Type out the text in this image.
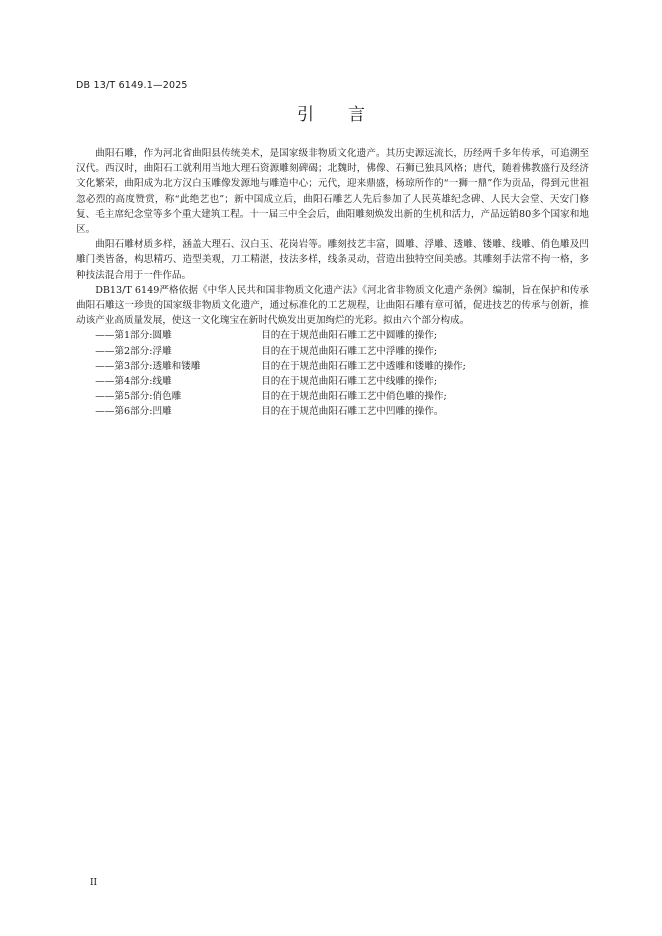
DB 13/T 6149.1—2025
引言

曲阳石雕，作为河北省曲阳县传统美术，是国家级非物质文化遗产。其历史源远流长，历经两千多年传承，可追溯至汉代。西汉时，曲阳石工就利用当地大理石资源雕刻碑碣；北魏时，佛像、石狮已独具风格；唐代，随着佛教盛行及经济文化繁荣，曲阳成为北方汉白玉雕像发源地与雕造中心；元代，迎来鼎盛，杨琼所作的“一狮一鼎”作为贡品，得到元世祖忽必烈的高度赞赏，称“此绝艺也”；新中国成立后，曲阳石雕艺人先后参加了人民英雄纪念碑、人民大会堂、天安门修复、毛主席纪念堂等多个重大建筑工程。十一届三中全会后，曲阳雕刻焕发出新的生机和活力，产品远销80多个国家和地区。

曲阳石雕材质多样，涵盖大理石、汉白玉、花岗岩等。雕刻技艺丰富，圆雕、浮雕、透雕、镂雕、线雕、俏色雕及凹雕门类皆备，构思精巧、造型美观，刀工精湛，技法多样，线条灵动，营造出独特空间美感。其雕刻手法常不拘一格，多种技法混合用于一件作品。

DB13/T 6149严格依据《中华人民共和国非物质文化遗产法》《河北省非物质文化遗产条例》编制，旨在保护和传承曲阳石雕这一珍贵的国家级非物质文化遗产，通过标准化的工艺规程，让曲阳石雕有章可循，促进技艺的传承与创新，推动该产业高质量发展，使这一文化瑰宝在新时代焕发出更加绚烂的光彩。拟由六个部分构成。

——第1部分:圆雕	目的在于规范曲阳石雕工艺中圆雕的操作;
——第2部分:浮雕	目的在于规范曲阳石雕工艺中浮雕的操作;
——第3部分:透雕和镂雕	目的在于规范曲阳石雕工艺中透雕和镂雕的操作;
——第4部分:线雕	目的在于规范曲阳石雕工艺中线雕的操作;
——第5部分:俏色雕	目的在于规范曲阳石雕工艺中俏色雕的操作;
——第6部分:凹雕	目的在于规范曲阳石雕工艺中凹雕的操作。
II
